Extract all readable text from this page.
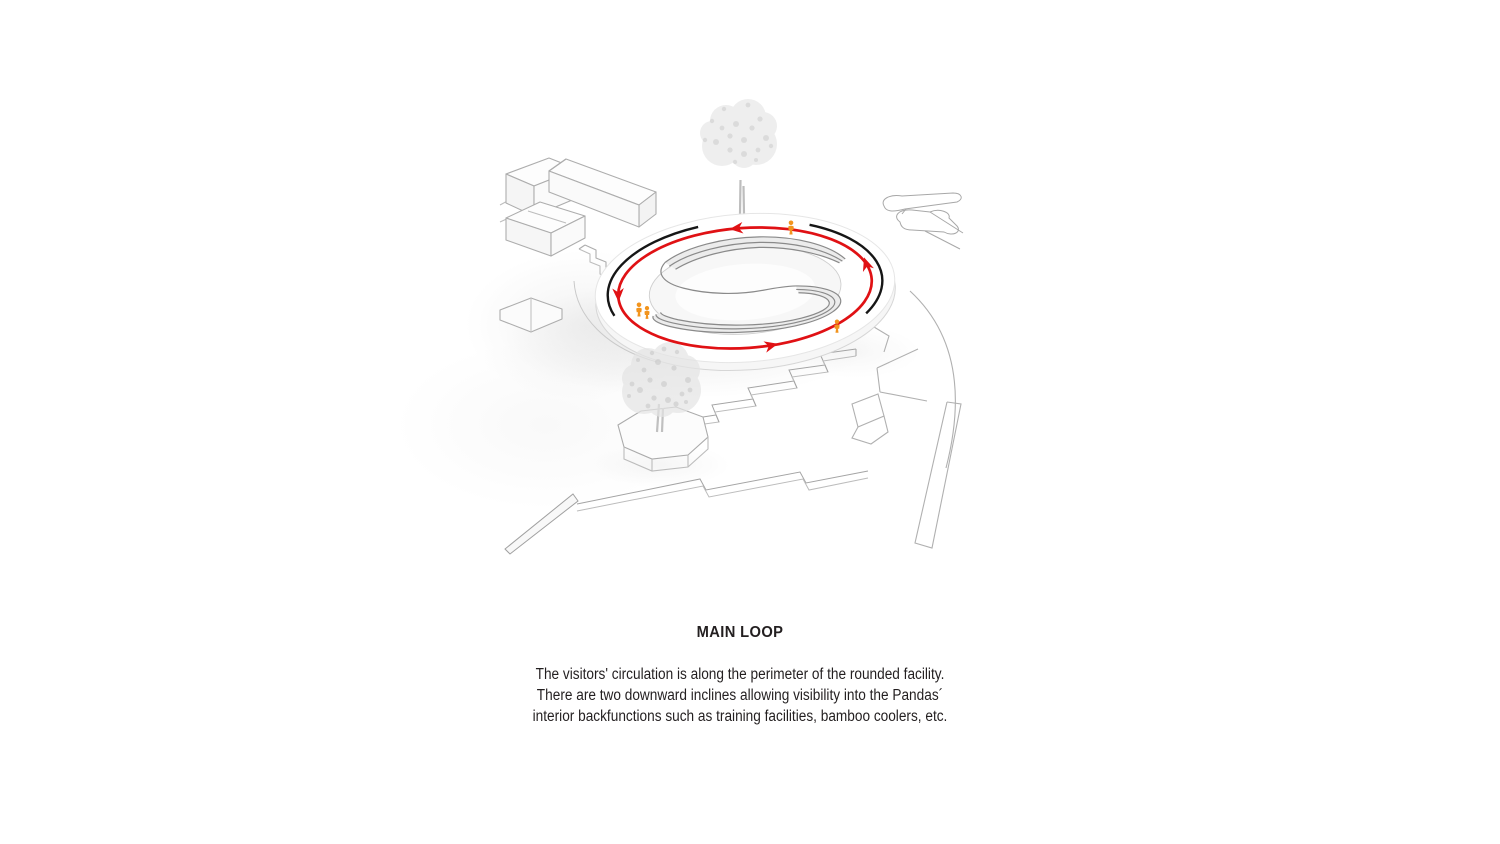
MAIN LOOP

The visitors' circulation is along the perimeter of the rounded facility.
There are two downward inclines allowing visibility into the Pandas´
interior backfunctions such as training facilities, bamboo coolers, etc.
